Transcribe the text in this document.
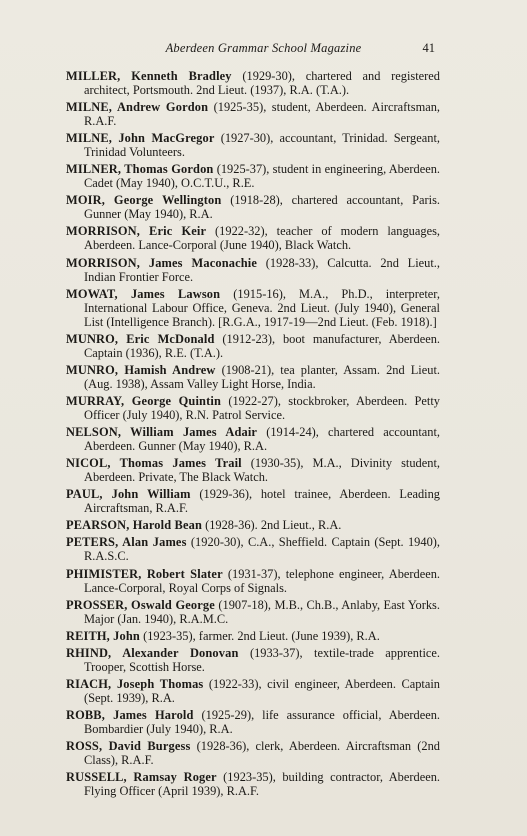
Aberdeen Grammar School Magazine	41

MILLER, Kenneth Bradley (1929-30), chartered and registered architect, Portsmouth. 2nd Lieut. (1937), R.A. (T.A.).

MILNE, Andrew Gordon (1925-35), student, Aberdeen. Aircraftsman, R.A.F.

MILNE, John MacGregor (1927-30), accountant, Trinidad. Sergeant, Trinidad Volunteers.

MILNER, Thomas Gordon (1925-37), student in engineering, Aberdeen. Cadet (May 1940), O.C.T.U., R.E.

MOIR, George Wellington (1918-28), chartered accountant, Paris. Gunner (May 1940), R.A.

MORRISON, Eric Keir (1922-32), teacher of modern languages, Aberdeen. Lance-Corporal (June 1940), Black Watch.

MORRISON, James Maconachie (1928-33), Calcutta. 2nd Lieut., Indian Frontier Force.

MOWAT, James Lawson (1915-16), M.A., Ph.D., interpreter, International Labour Office, Geneva. 2nd Lieut. (July 1940), General List (Intelligence Branch). [R.G.A., 1917-19—2nd Lieut. (Feb. 1918).]

MUNRO, Eric McDonald (1912-23), boot manufacturer, Aberdeen. Captain (1936), R.E. (T.A.).

MUNRO, Hamish Andrew (1908-21), tea planter, Assam. 2nd Lieut. (Aug. 1938), Assam Valley Light Horse, India.

MURRAY, George Quintin (1922-27), stockbroker, Aberdeen. Petty Officer (July 1940), R.N. Patrol Service.

NELSON, William James Adair (1914-24), chartered accountant, Aberdeen. Gunner (May 1940), R.A.

NICOL, Thomas James Trail (1930-35), M.A., Divinity student, Aberdeen. Private, The Black Watch.

PAUL, John William (1929-36), hotel trainee, Aberdeen. Leading Aircraftsman, R.A.F.

PEARSON, Harold Bean (1928-36). 2nd Lieut., R.A.

PETERS, Alan James (1920-30), C.A., Sheffield. Captain (Sept. 1940), R.A.S.C.

PHIMISTER, Robert Slater (1931-37), telephone engineer, Aberdeen. Lance-Corporal, Royal Corps of Signals.

PROSSER, Oswald George (1907-18), M.B., Ch.B., Anlaby, East Yorks. Major (Jan. 1940), R.A.M.C.

REITH, John (1923-35), farmer. 2nd Lieut. (June 1939), R.A.

RHIND, Alexander Donovan (1933-37), textile-trade apprentice. Trooper, Scottish Horse.

RIACH, Joseph Thomas (1922-33), civil engineer, Aberdeen. Captain (Sept. 1939), R.A.

ROBB, James Harold (1925-29), life assurance official, Aberdeen. Bombardier (July 1940), R.A.

ROSS, David Burgess (1928-36), clerk, Aberdeen. Aircraftsman (2nd Class), R.A.F.

RUSSELL, Ramsay Roger (1923-35), building contractor, Aberdeen. Flying Officer (April 1939), R.A.F.
